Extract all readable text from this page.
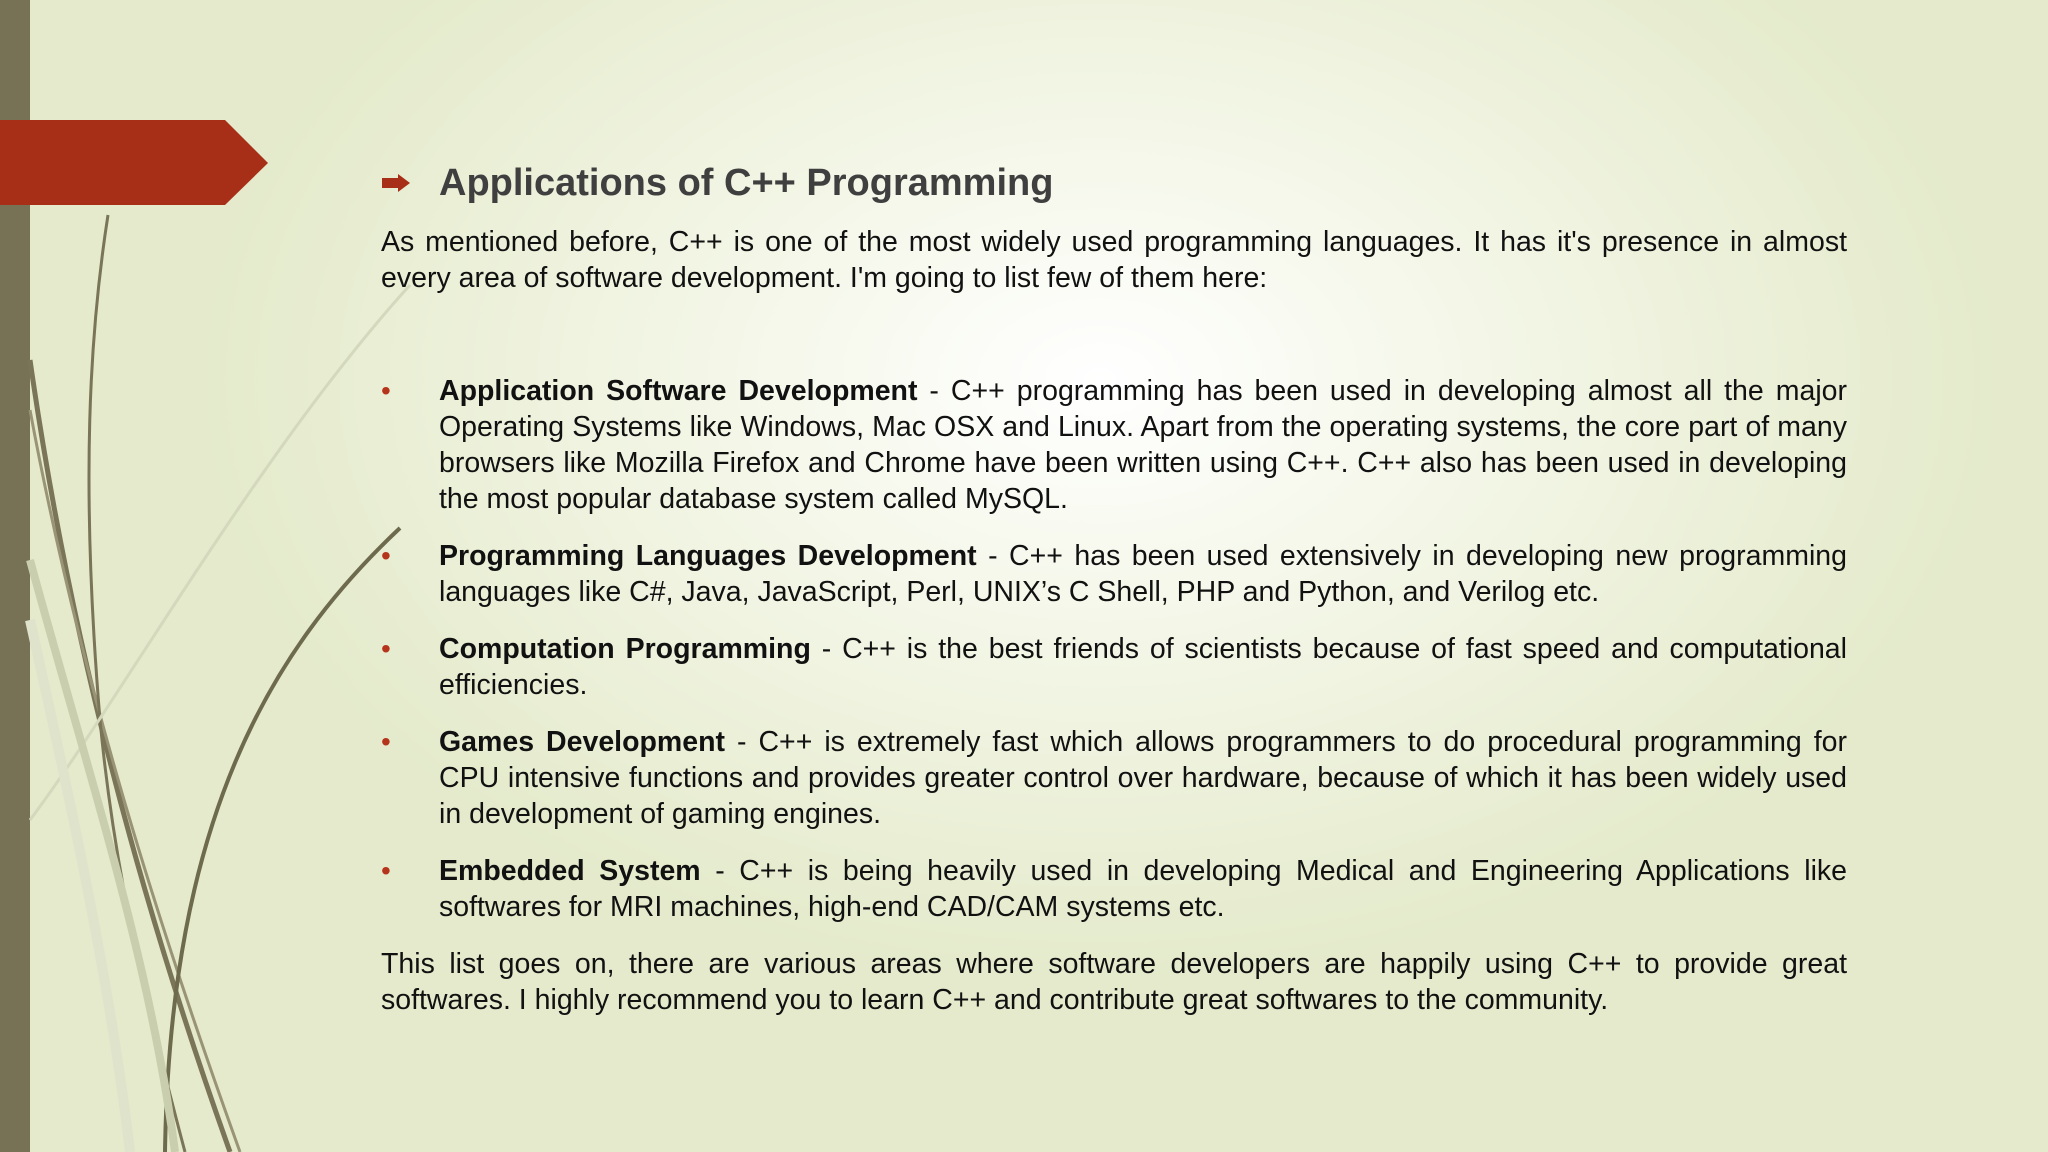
Applications of C++ Programming

As mentioned before, C++ is one of the most widely used programming languages. It has it's presence in almost every area of software development. I'm going to list few of them here:

•	Application Software Development - C++ programming has been used in developing almost all the major Operating Systems like Windows, Mac OSX and Linux. Apart from the operating systems, the core part of many browsers like Mozilla Firefox and Chrome have been written using C++. C++ also has been used in developing the most popular database system called MySQL.
•	Programming Languages Development - C++ has been used extensively in developing new programming languages like C#, Java, JavaScript, Perl, UNIX’s C Shell, PHP and Python, and Verilog etc.
•	Computation Programming - C++ is the best friends of scientists because of fast speed and computational efficiencies.
•	Games Development - C++ is extremely fast which allows programmers to do procedural programming for CPU intensive functions and provides greater control over hardware, because of which it has been widely used in development of gaming engines.
•	Embedded System - C++ is being heavily used in developing Medical and Engineering Applications like softwares for MRI machines, high-end CAD/CAM systems etc.

This list goes on, there are various areas where software developers are happily using C++ to provide great softwares. I highly recommend you to learn C++ and contribute great softwares to the community.
